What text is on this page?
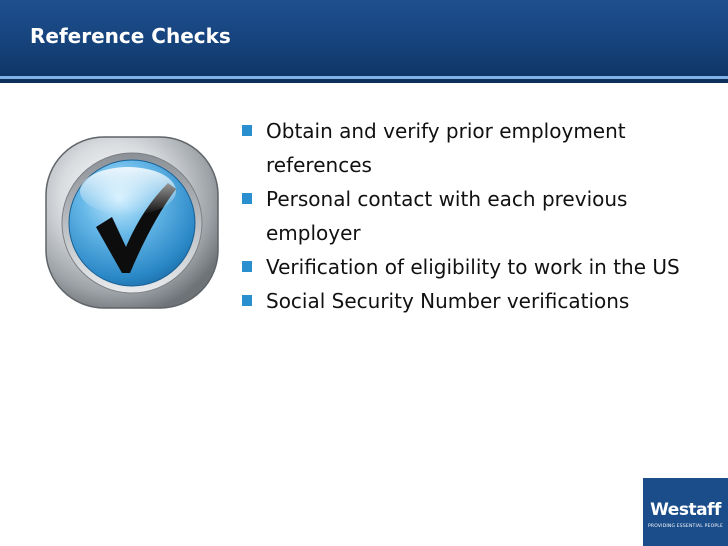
Reference Checks
Obtain and verify prior employment references
Personal contact with each previous employer
Verification of eligibility to work in the US
Social Security Number verifications
Westaff
PROVIDING ESSENTIAL PEOPLE
